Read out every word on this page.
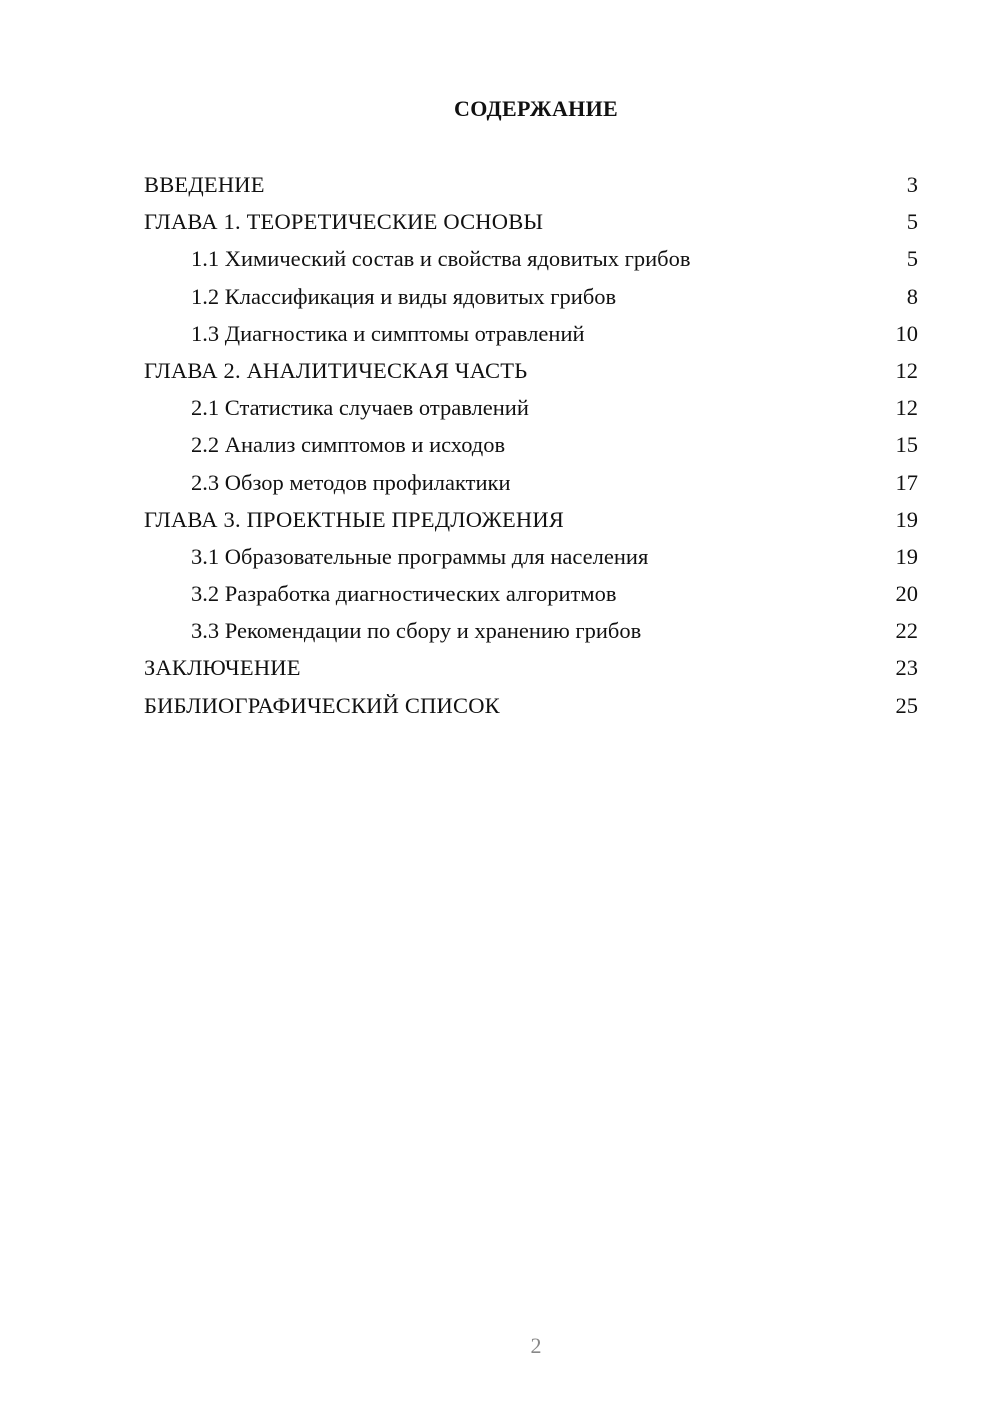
СОДЕРЖАНИЕ
ВВЕДЕНИЕ	3
ГЛАВА 1. ТЕОРЕТИЧЕСКИЕ ОСНОВЫ	5
1.1 Химический состав и свойства ядовитых грибов	5
1.2 Классификация и виды ядовитых грибов	8
1.3 Диагностика и симптомы отравлений	10
ГЛАВА 2. АНАЛИТИЧЕСКАЯ ЧАСТЬ	12
2.1 Статистика случаев отравлений	12
2.2 Анализ симптомов и исходов	15
2.3 Обзор методов профилактики	17
ГЛАВА 3. ПРОЕКТНЫЕ ПРЕДЛОЖЕНИЯ	19
3.1 Образовательные программы для населения	19
3.2 Разработка диагностических алгоритмов	20
3.3 Рекомендации по сбору и хранению грибов	22
ЗАКЛЮЧЕНИЕ	23
БИБЛИОГРАФИЧЕСКИЙ СПИСОК	25
2
